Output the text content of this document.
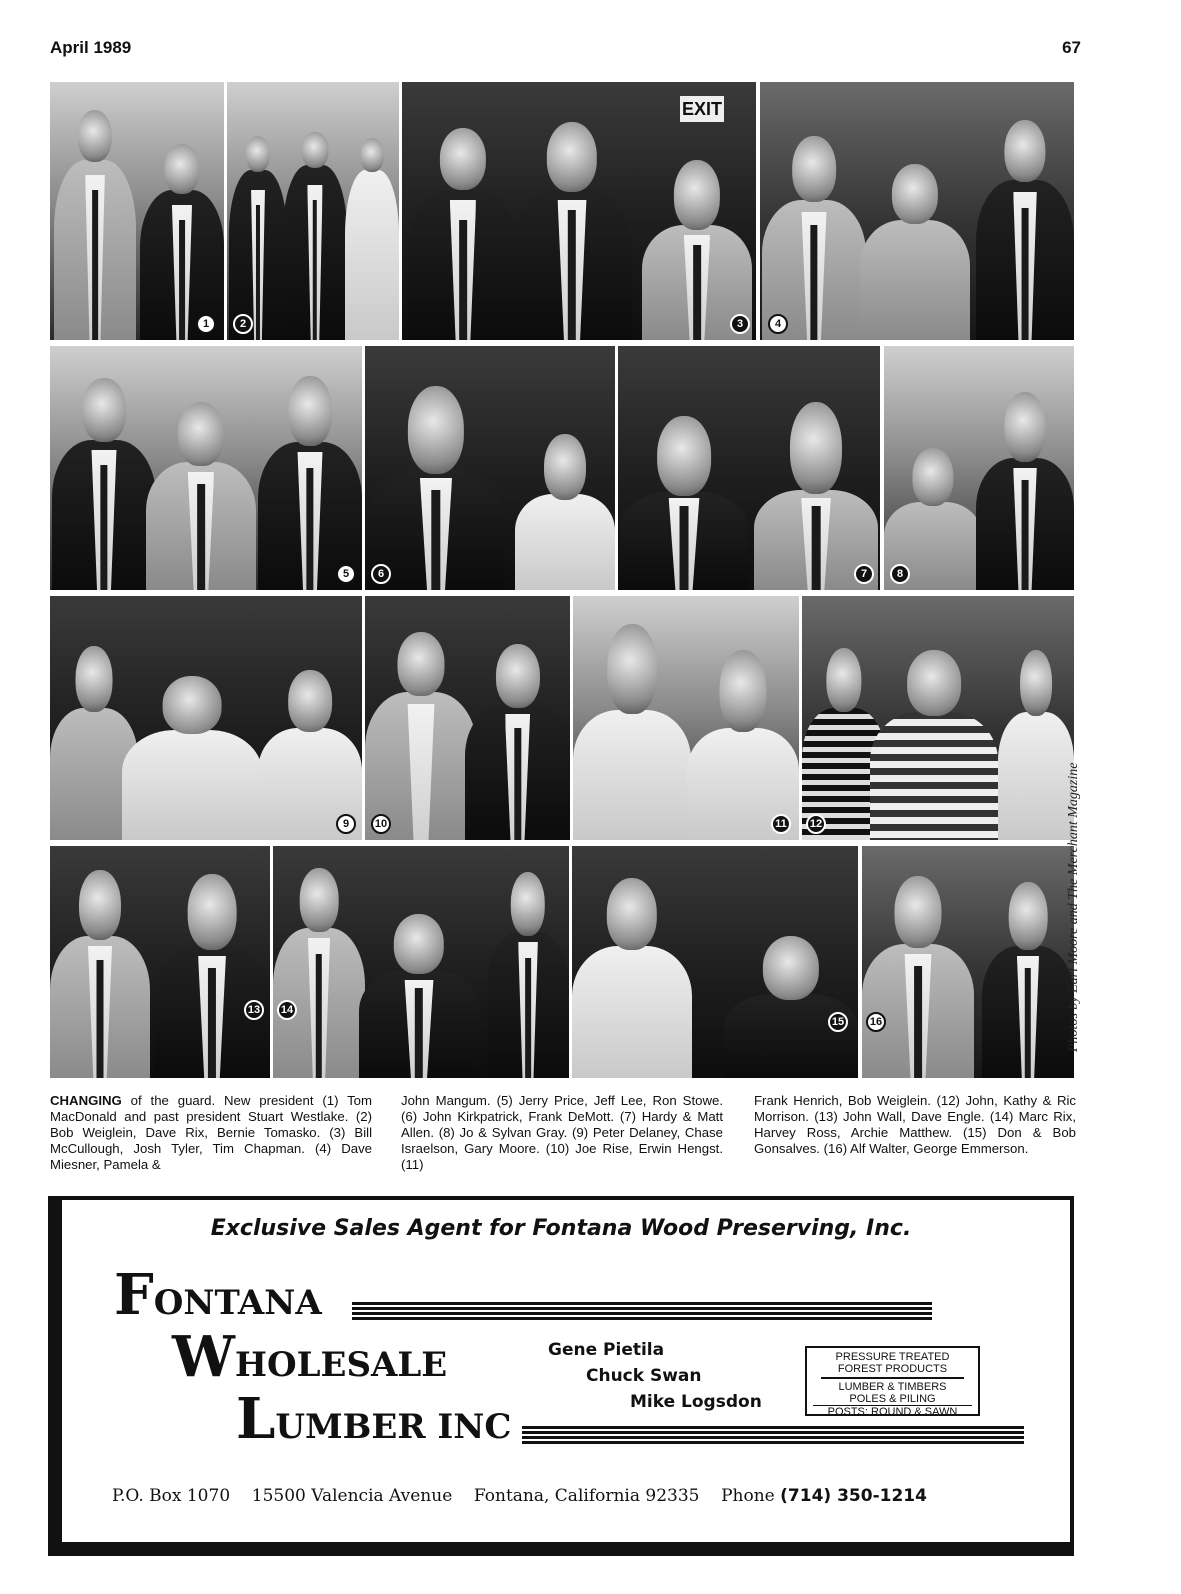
April 1989	67
1	2
EXIT
3	4
5	6	7	8
9	10	11	12
13	14
15	16	Photos by Earl Moore and The Merchant Magazine
CHANGING of the guard. New president (1) Tom MacDonald and past president Stuart Westlake. (2) Bob Weiglein, Dave Rix, Bernie Tomasko. (3) Bill McCullough, Josh Tyler, Tim Chapman. (4) Dave Miesner, Pamela &
John Mangum. (5) Jerry Price, Jeff Lee, Ron Stowe. (6) John Kirkpatrick, Frank DeMott. (7) Hardy & Matt Allen. (8) Jo & Sylvan Gray. (9) Peter Delaney, Chase Israelson, Gary Moore. (10) Joe Rise, Erwin Hengst. (11)
Frank Henrich, Bob Weiglein. (12) John, Kathy & Ric Morrison. (13) John Wall, Dave Engle. (14) Marc Rix, Harvey Ross, Archie Matthew. (15) Don & Bob Gonsalves. (16) Alf Walter, George Emmerson.
Exclusive Sales Agent for Fontana Wood Preserving, Inc.
FONTANA
WHOLESALE
LUMBER INC
Gene Pietila
Chuck Swan
Mike Logsdon
PRESSURE TREATED
FOREST PRODUCTS
LUMBER & TIMBERS
POLES & PILING
POSTS: ROUND & SAWN
P.O. Box 1070 15500 Valencia Avenue Fontana, California 92335 Phone (714) 350-1214
